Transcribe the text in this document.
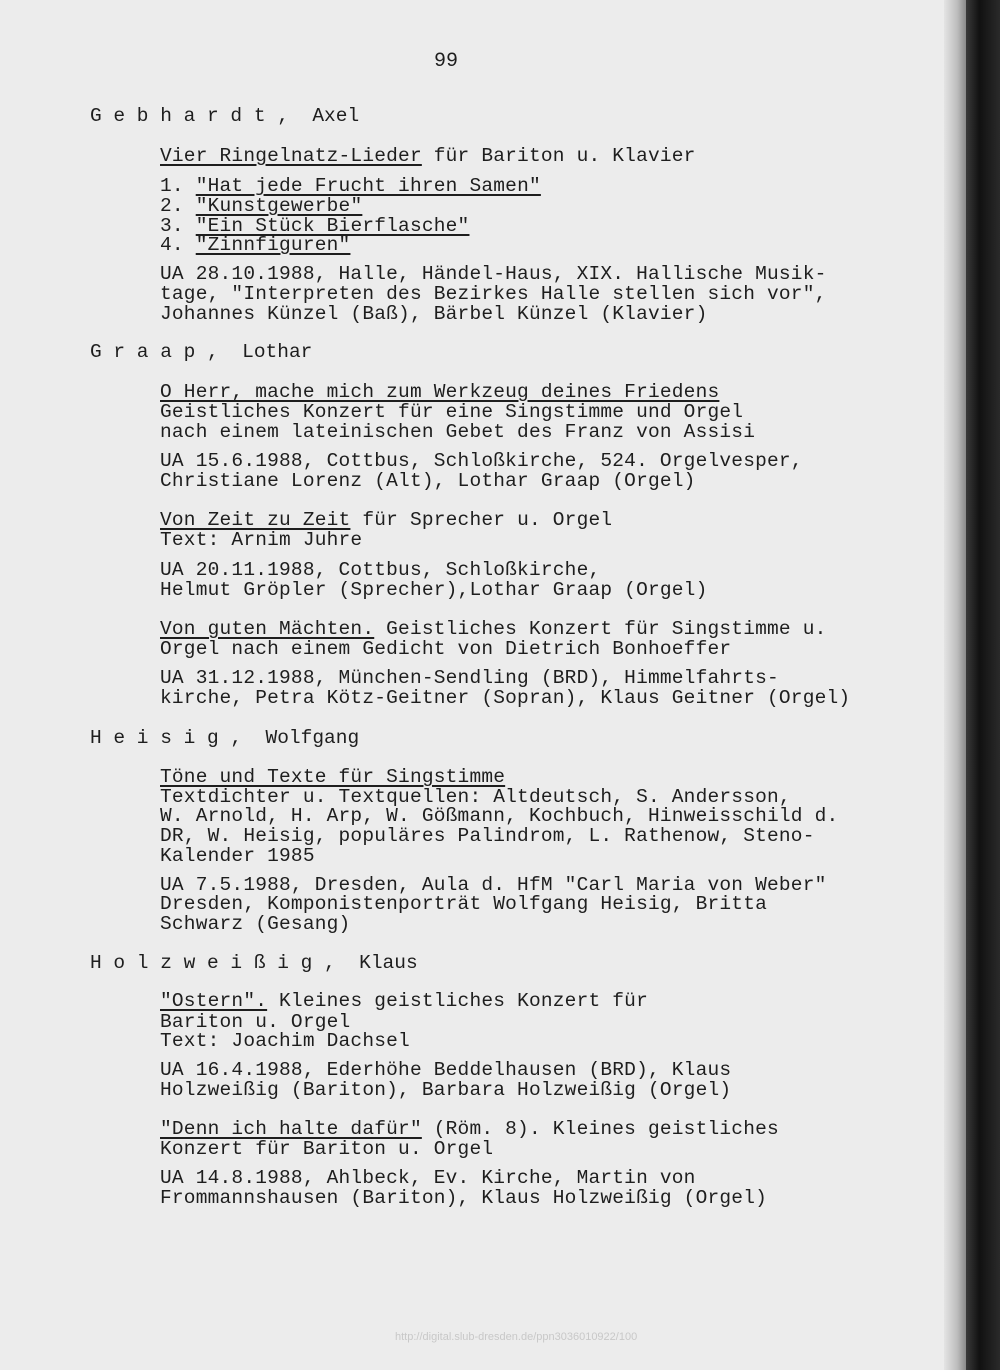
99
G e b h a r d t , Axel
Vier Ringelnatz-Lieder für Bariton u. Klavier
1. "Hat jede Frucht ihren Samen"
2. "Kunstgewerbe"
3. "Ein Stück Bierflasche"
4. "Zinnfiguren"
UA 28.10.1988, Halle, Händel-Haus, XIX. Hallische Musik-
tage, "Interpreten des Bezirkes Halle stellen sich vor",
Johannes Künzel (Baß), Bärbel Künzel (Klavier)
G r a a p , Lothar
O Herr, mache mich zum Werkzeug deines Friedens
Geistliches Konzert für eine Singstimme und Orgel
nach einem lateinischen Gebet des Franz von Assisi
UA 15.6.1988, Cottbus, Schloßkirche, 524. Orgelvesper,
Christiane Lorenz (Alt), Lothar Graap (Orgel)
Von Zeit zu Zeit für Sprecher u. Orgel
Text: Arnim Juhre
UA 20.11.1988, Cottbus, Schloßkirche,
Helmut Gröpler (Sprecher),Lothar Graap (Orgel)
Von guten Mächten. Geistliches Konzert für Singstimme u.
Orgel nach einem Gedicht von Dietrich Bonhoeffer
UA 31.12.1988, München-Sendling (BRD), Himmelfahrts-
kirche, Petra Kötz-Geitner (Sopran), Klaus Geitner (Orgel)
H e i s i g , Wolfgang
Töne und Texte für Singstimme
Textdichter u. Textquellen: Altdeutsch, S. Andersson,
W. Arnold, H. Arp, W. Gößmann, Kochbuch, Hinweisschild d.
DR, W. Heisig, populäres Palindrom, L. Rathenow, Steno-
Kalender 1985
UA 7.5.1988, Dresden, Aula d. HfM "Carl Maria von Weber"
Dresden, Komponistenporträt Wolfgang Heisig, Britta
Schwarz (Gesang)
H o l z w e i ß i g , Klaus
"Ostern". Kleines geistliches Konzert für
Bariton u. Orgel
Text: Joachim Dachsel
UA 16.4.1988, Ederhöhe Beddelhausen (BRD), Klaus
Holzweißig (Bariton), Barbara Holzweißig (Orgel)
"Denn ich halte dafür" (Röm. 8). Kleines geistliches
Konzert für Bariton u. Orgel
UA 14.8.1988, Ahlbeck, Ev. Kirche, Martin von
Frommannshausen (Bariton), Klaus Holzweißig (Orgel)
http://digital.slub-dresden.de/ppn3036010922/100
